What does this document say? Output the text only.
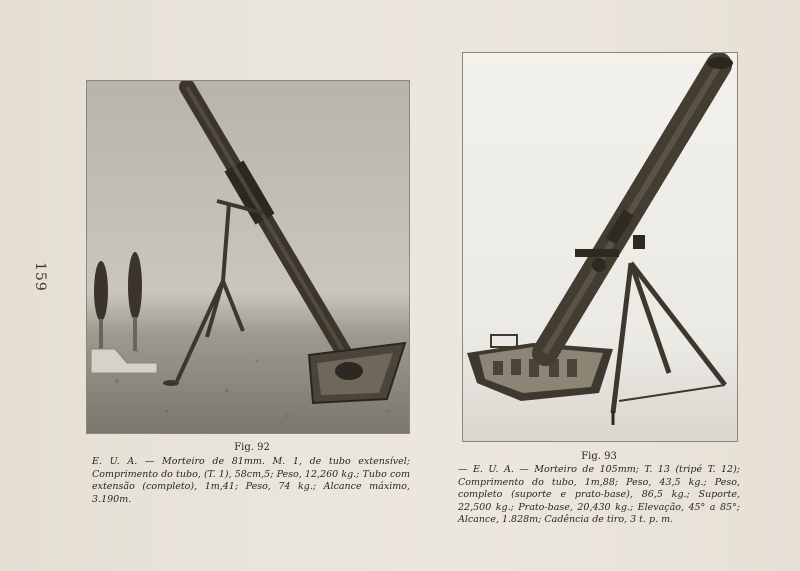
159
Fig. 92

E. U. A. — Morteiro de 81mm. M. 1, de tubo extensível; Comprimento do tubo, (T. 1), 58cm,5; Peso, 12,260 kg.; Tubo com extensão (completo), 1m,41; Peso, 74 kg.; Alcance máximo, 3.190m.

Fig. 93

— E. U. A. — Morteiro de 105mm; T. 13 (tripé T. 12); Comprimento do tubo, 1m,88; Peso, 43,5 kg.; Peso, completo (suporte e prato-base), 86,5 kg.; Suporte, 22,500 kg.; Prato-base, 20,430 kg.; Elevação, 45° a 85°; Alcance, 1.828m; Cadência de tiro, 3 t. p. m.
